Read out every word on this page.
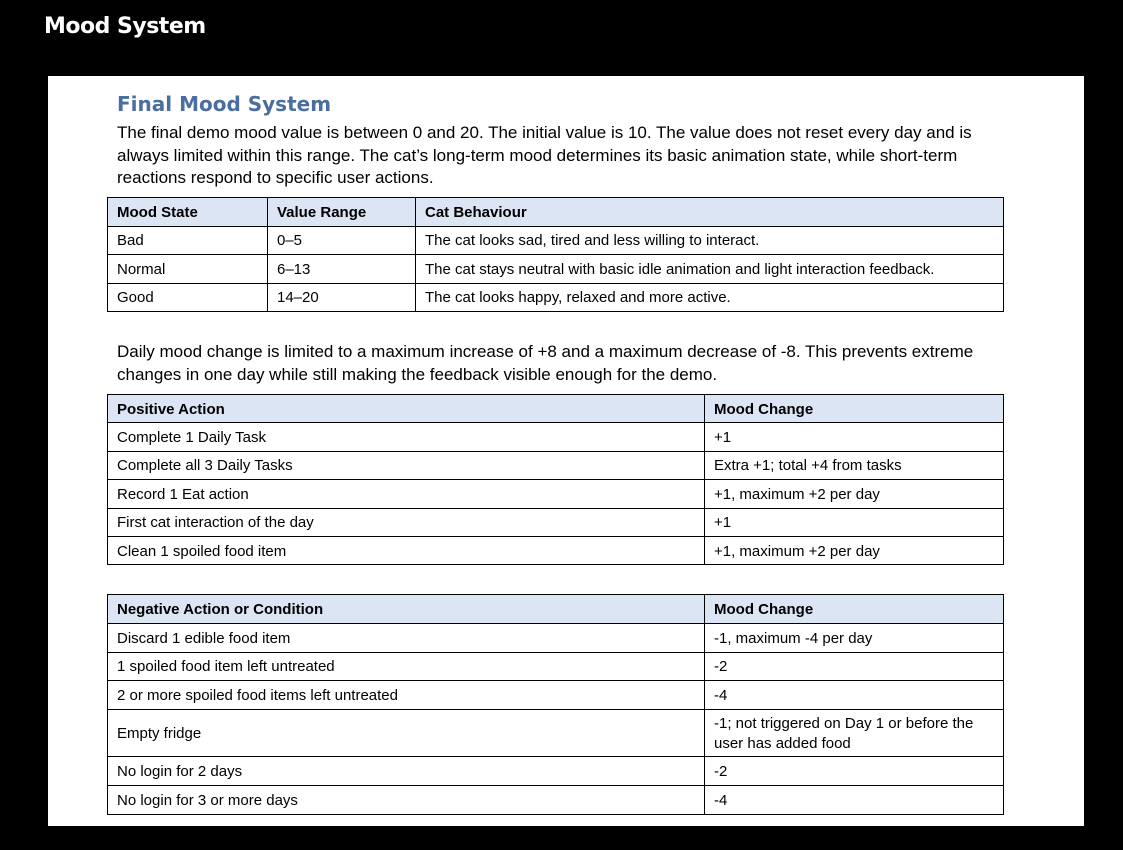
Mood System
Final Mood System
The final demo mood value is between 0 and 20. The initial value is 10. The value does not reset every day and is always limited within this range. The cat’s long-term mood determines its basic animation state, while short-term reactions respond to specific user actions.
Mood State	Value Range	Cat Behaviour
Bad	0–5	The cat looks sad, tired and less willing to interact.
Normal	6–13	The cat stays neutral with basic idle animation and light interaction feedback.
Good	14–20	The cat looks happy, relaxed and more active.
Daily mood change is limited to a maximum increase of +8 and a maximum decrease of -8. This prevents extreme changes in one day while still making the feedback visible enough for the demo.
Positive Action	Mood Change
Complete 1 Daily Task	+1
Complete all 3 Daily Tasks	Extra +1; total +4 from tasks
Record 1 Eat action	+1, maximum +2 per day
First cat interaction of the day	+1
Clean 1 spoiled food item	+1, maximum +2 per day
Negative Action or Condition	Mood Change
Discard 1 edible food item	-1, maximum -4 per day
1 spoiled food item left untreated	-2
2 or more spoiled food items left untreated	-4
Empty fridge	-1; not triggered on Day 1 or before the user has added food
No login for 2 days	-2
No login for 3 or more days	-4
